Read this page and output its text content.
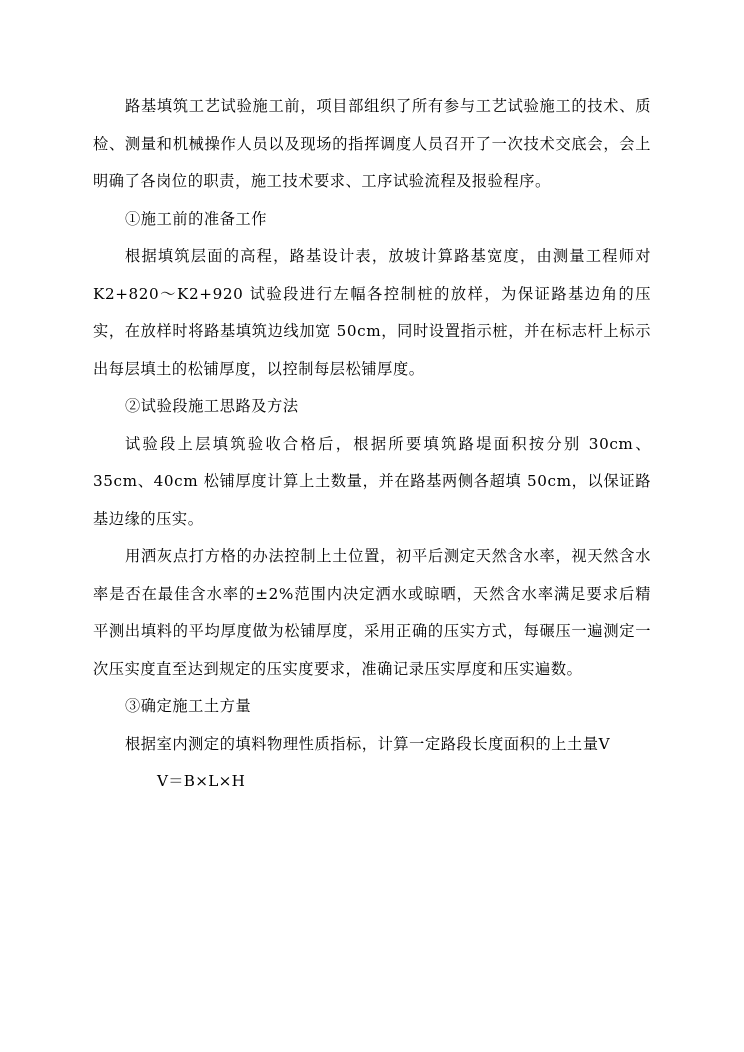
路基填筑工艺试验施工前，项目部组织了所有参与工艺试验施工的技术、质检、测量和机械操作人员以及现场的指挥调度人员召开了一次技术交底会，会上明确了各岗位的职责，施工技术要求、工序试验流程及报验程序。

①施工前的准备工作

根据填筑层面的高程，路基设计表，放坡计算路基宽度，由测量工程师对 K2+820～K2+920 试验段进行左幅各控制桩的放样，为保证路基边角的压实，在放样时将路基填筑边线加宽 50cm，同时设置指示桩，并在标志杆上标示出每层填土的松铺厚度，以控制每层松铺厚度。

②试验段施工思路及方法

试验段上层填筑验收合格后，根据所要填筑路堤面积按分别 30cm、35cm、40cm 松铺厚度计算上土数量，并在路基两侧各超填 50cm，以保证路基边缘的压实。

用洒灰点打方格的办法控制上土位置，初平后测定天然含水率，视天然含水率是否在最佳含水率的±2%范围内决定洒水或晾晒，天然含水率满足要求后精平测出填料的平均厚度做为松铺厚度，采用正确的压实方式，每碾压一遍测定一次压实度直至达到规定的压实度要求，准确记录压实厚度和压实遍数。

③确定施工土方量

根据室内测定的填料物理性质指标，计算一定路段长度面积的上土量V

V＝B×L×H
